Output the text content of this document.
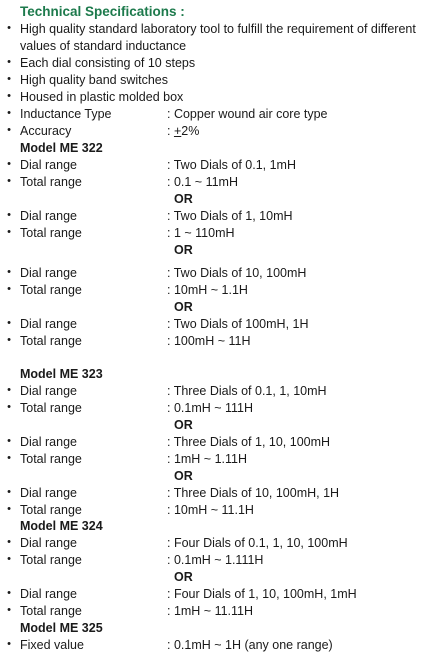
Technical Specifications :
• High quality standard laboratory tool to fulfill the requirement of different
values of standard inductance
• Each dial consisting of 10 steps
• High quality band switches
• Housed in plastic molded box
• Inductance Type	: Copper wound air core type
• Accuracy	: +2%
Model ME 322
• Dial range	: Two Dials of 0.1, 1mH
• Total range	: 0.1 ~ 11mH
OR
• Dial range	: Two Dials of 1, 10mH
• Total range	: 1 ~ 110mH
OR
• Dial range	: Two Dials of 10, 100mH
• Total range	: 10mH ~ 1.1H
OR
• Dial range	: Two Dials of 100mH, 1H
• Total range	: 100mH ~ 11H
Model ME 323
• Dial range	: Three Dials of 0.1, 1, 10mH
• Total range	: 0.1mH ~ 111H
OR
• Dial range	: Three Dials of 1, 10, 100mH
• Total range	: 1mH ~ 1.11H
OR
• Dial range	: Three Dials of 10, 100mH, 1H
• Total range	: 10mH ~ 11.1H
Model ME 324
• Dial range	: Four Dials of 0.1, 1, 10, 100mH
• Total range	: 0.1mH ~ 1.111H
OR
• Dial range	: Four Dials of 1, 10, 100mH, 1mH
• Total range	: 1mH ~ 11.11H
Model ME 325
• Fixed value	: 0.1mH ~ 1H (any one range)
